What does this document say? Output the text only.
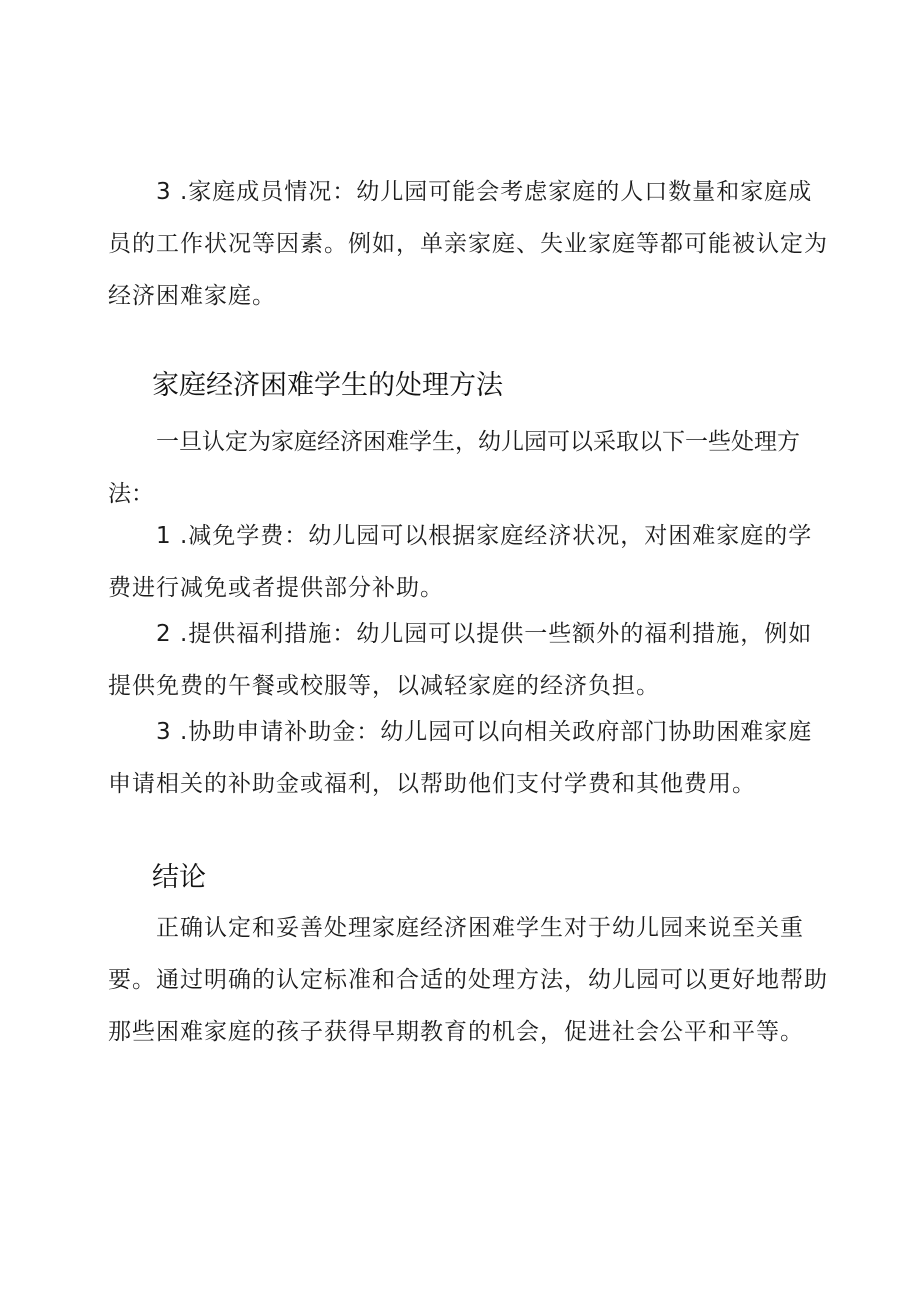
3 .家庭成员情况：幼儿园可能会考虑家庭的人口数量和家庭成员的工作状况等因素。例如，单亲家庭、失业家庭等都可能被认定为经济困难家庭。

家庭经济困难学生的处理方法

一旦认定为家庭经济困难学生，幼儿园可以采取以下一些处理方法：

1 .减免学费：幼儿园可以根据家庭经济状况，对困难家庭的学费进行减免或者提供部分补助。

2 .提供福利措施：幼儿园可以提供一些额外的福利措施，例如提供免费的午餐或校服等，以减轻家庭的经济负担。

3 .协助申请补助金：幼儿园可以向相关政府部门协助困难家庭申请相关的补助金或福利，以帮助他们支付学费和其他费用。

结论

正确认定和妥善处理家庭经济困难学生对于幼儿园来说至关重要。通过明确的认定标准和合适的处理方法，幼儿园可以更好地帮助那些困难家庭的孩子获得早期教育的机会，促进社会公平和平等。
